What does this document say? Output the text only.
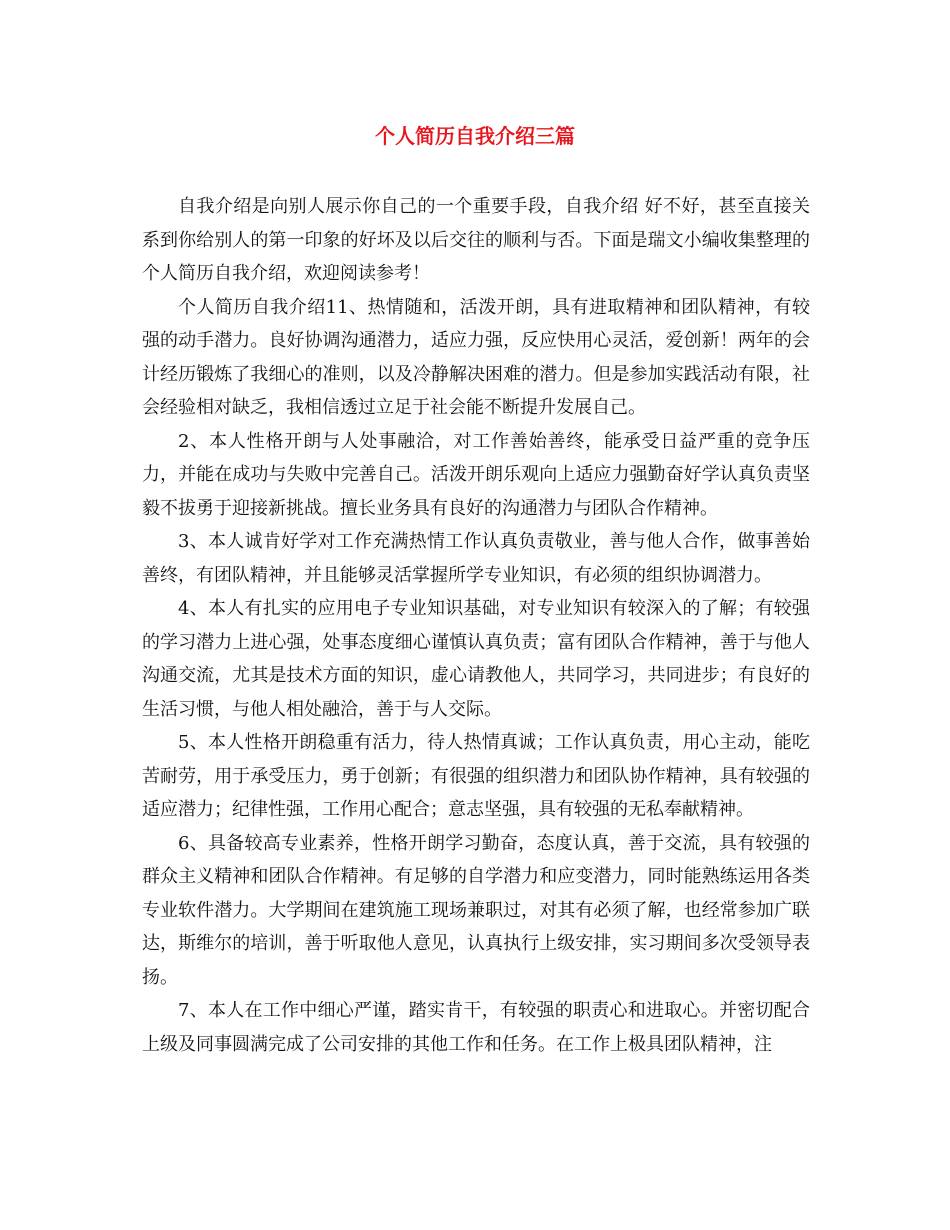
个人简历自我介绍三篇

自我介绍是向别人展示你自己的一个重要手段，自我介绍 好不好，甚至直接关系到你给别人的第一印象的好坏及以后交往的顺利与否。下面是瑞文小编收集整理的个人简历自我介绍，欢迎阅读参考！

个人简历自我介绍11、热情随和，活泼开朗，具有进取精神和团队精神，有较强的动手潜力。良好协调沟通潜力，适应力强，反应快用心灵活，爱创新！两年的会计经历锻炼了我细心的准则，以及冷静解决困难的潜力。但是参加实践活动有限，社会经验相对缺乏，我相信透过立足于社会能不断提升发展自己。

2、本人性格开朗与人处事融洽，对工作善始善终，能承受日益严重的竞争压力，并能在成功与失败中完善自己。活泼开朗乐观向上适应力强勤奋好学认真负责坚毅不拔勇于迎接新挑战。擅长业务具有良好的沟通潜力与团队合作精神。

3、本人诚肯好学对工作充满热情工作认真负责敬业，善与他人合作，做事善始善终，有团队精神，并且能够灵活掌握所学专业知识，有必须的组织协调潜力。

4、本人有扎实的应用电子专业知识基础，对专业知识有较深入的了解；有较强的学习潜力上进心强，处事态度细心谨慎认真负责；富有团队合作精神，善于与他人沟通交流，尤其是技术方面的知识，虚心请教他人，共同学习，共同进步；有良好的生活习惯，与他人相处融洽，善于与人交际。

5、本人性格开朗稳重有活力，待人热情真诚；工作认真负责，用心主动，能吃苦耐劳，用于承受压力，勇于创新；有很强的组织潜力和团队协作精神，具有较强的适应潜力；纪律性强，工作用心配合；意志坚强，具有较强的无私奉献精神。

6、具备较高专业素养，性格开朗学习勤奋，态度认真，善于交流，具有较强的群众主义精神和团队合作精神。有足够的自学潜力和应变潜力，同时能熟练运用各类专业软件潜力。大学期间在建筑施工现场兼职过，对其有必须了解，也经常参加广联达，斯维尔的培训，善于听取他人意见，认真执行上级安排，实习期间多次受领导表扬。

7、本人在工作中细心严谨，踏实肯干，有较强的职责心和进取心。并密切配合上级及同事圆满完成了公司安排的其他工作和任务。在工作上极具团队精神，注
